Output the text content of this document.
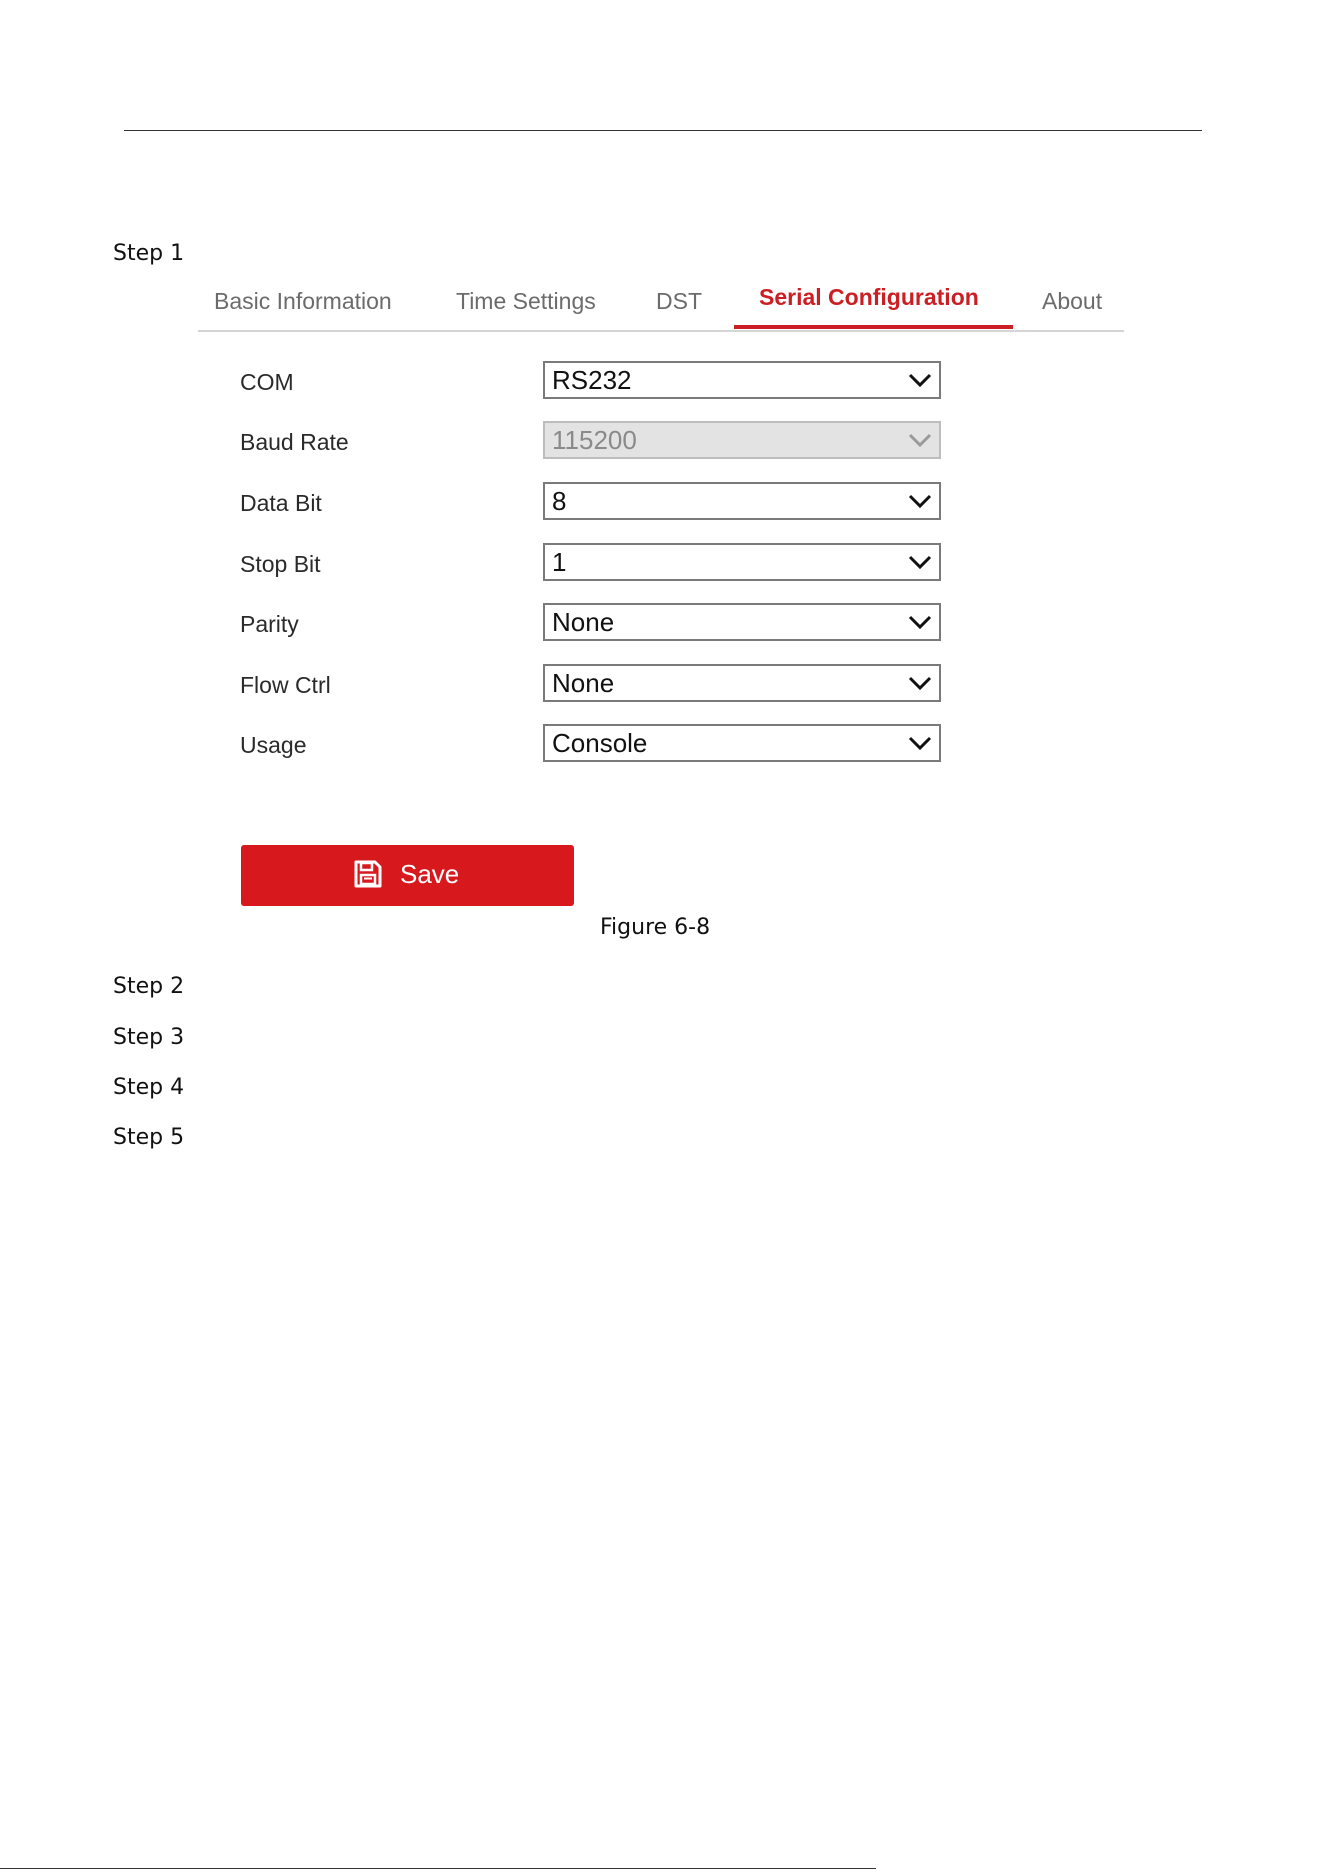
Step 1
Basic Information	Time Settings	DST Serial Configuration	About
COM	RS232
Baud Rate	115200
Data Bit	8
Stop Bit	1
Parity	None
Flow Ctrl	None
Usage	Console
Save
Figure 6-8
Step 2
Step 3
Step 4
Step 5
